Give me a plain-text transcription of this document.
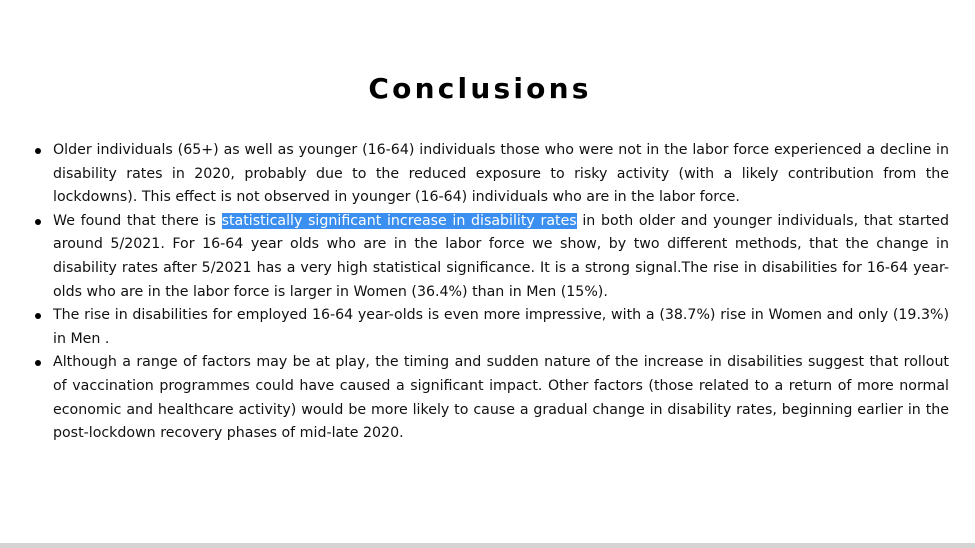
Conclusions
Older individuals (65+) as well as younger (16-64) individuals those who were not in the labor force experienced a decline in disability rates in 2020, probably due to the reduced exposure to risky activity (with a likely contribution from the lockdowns). This effect is not observed in younger (16-64) individuals who are in the labor force.
We found that there is statistically significant increase in disability rates in both older and younger individuals, that started around 5/2021. For 16-64 year olds who are in the labor force we show, by two different methods, that the change in disability rates after 5/2021 has a very high statistical significance. It is a strong signal.The rise in disabilities for 16-64 year-olds who are in the labor force is larger in Women (36.4%) than in Men (15%).
The rise in disabilities for employed 16-64 year-olds is even more impressive, with a (38.7%) rise in Women and only (19.3%) in Men .
Although a range of factors may be at play, the timing and sudden nature of the increase in disabilities suggest that rollout of vaccination programmes could have caused a significant impact. Other factors (those related to a return of more normal economic and healthcare activity) would be more likely to cause a gradual change in disability rates, beginning earlier in the post-lockdown recovery phases of mid-late 2020.
